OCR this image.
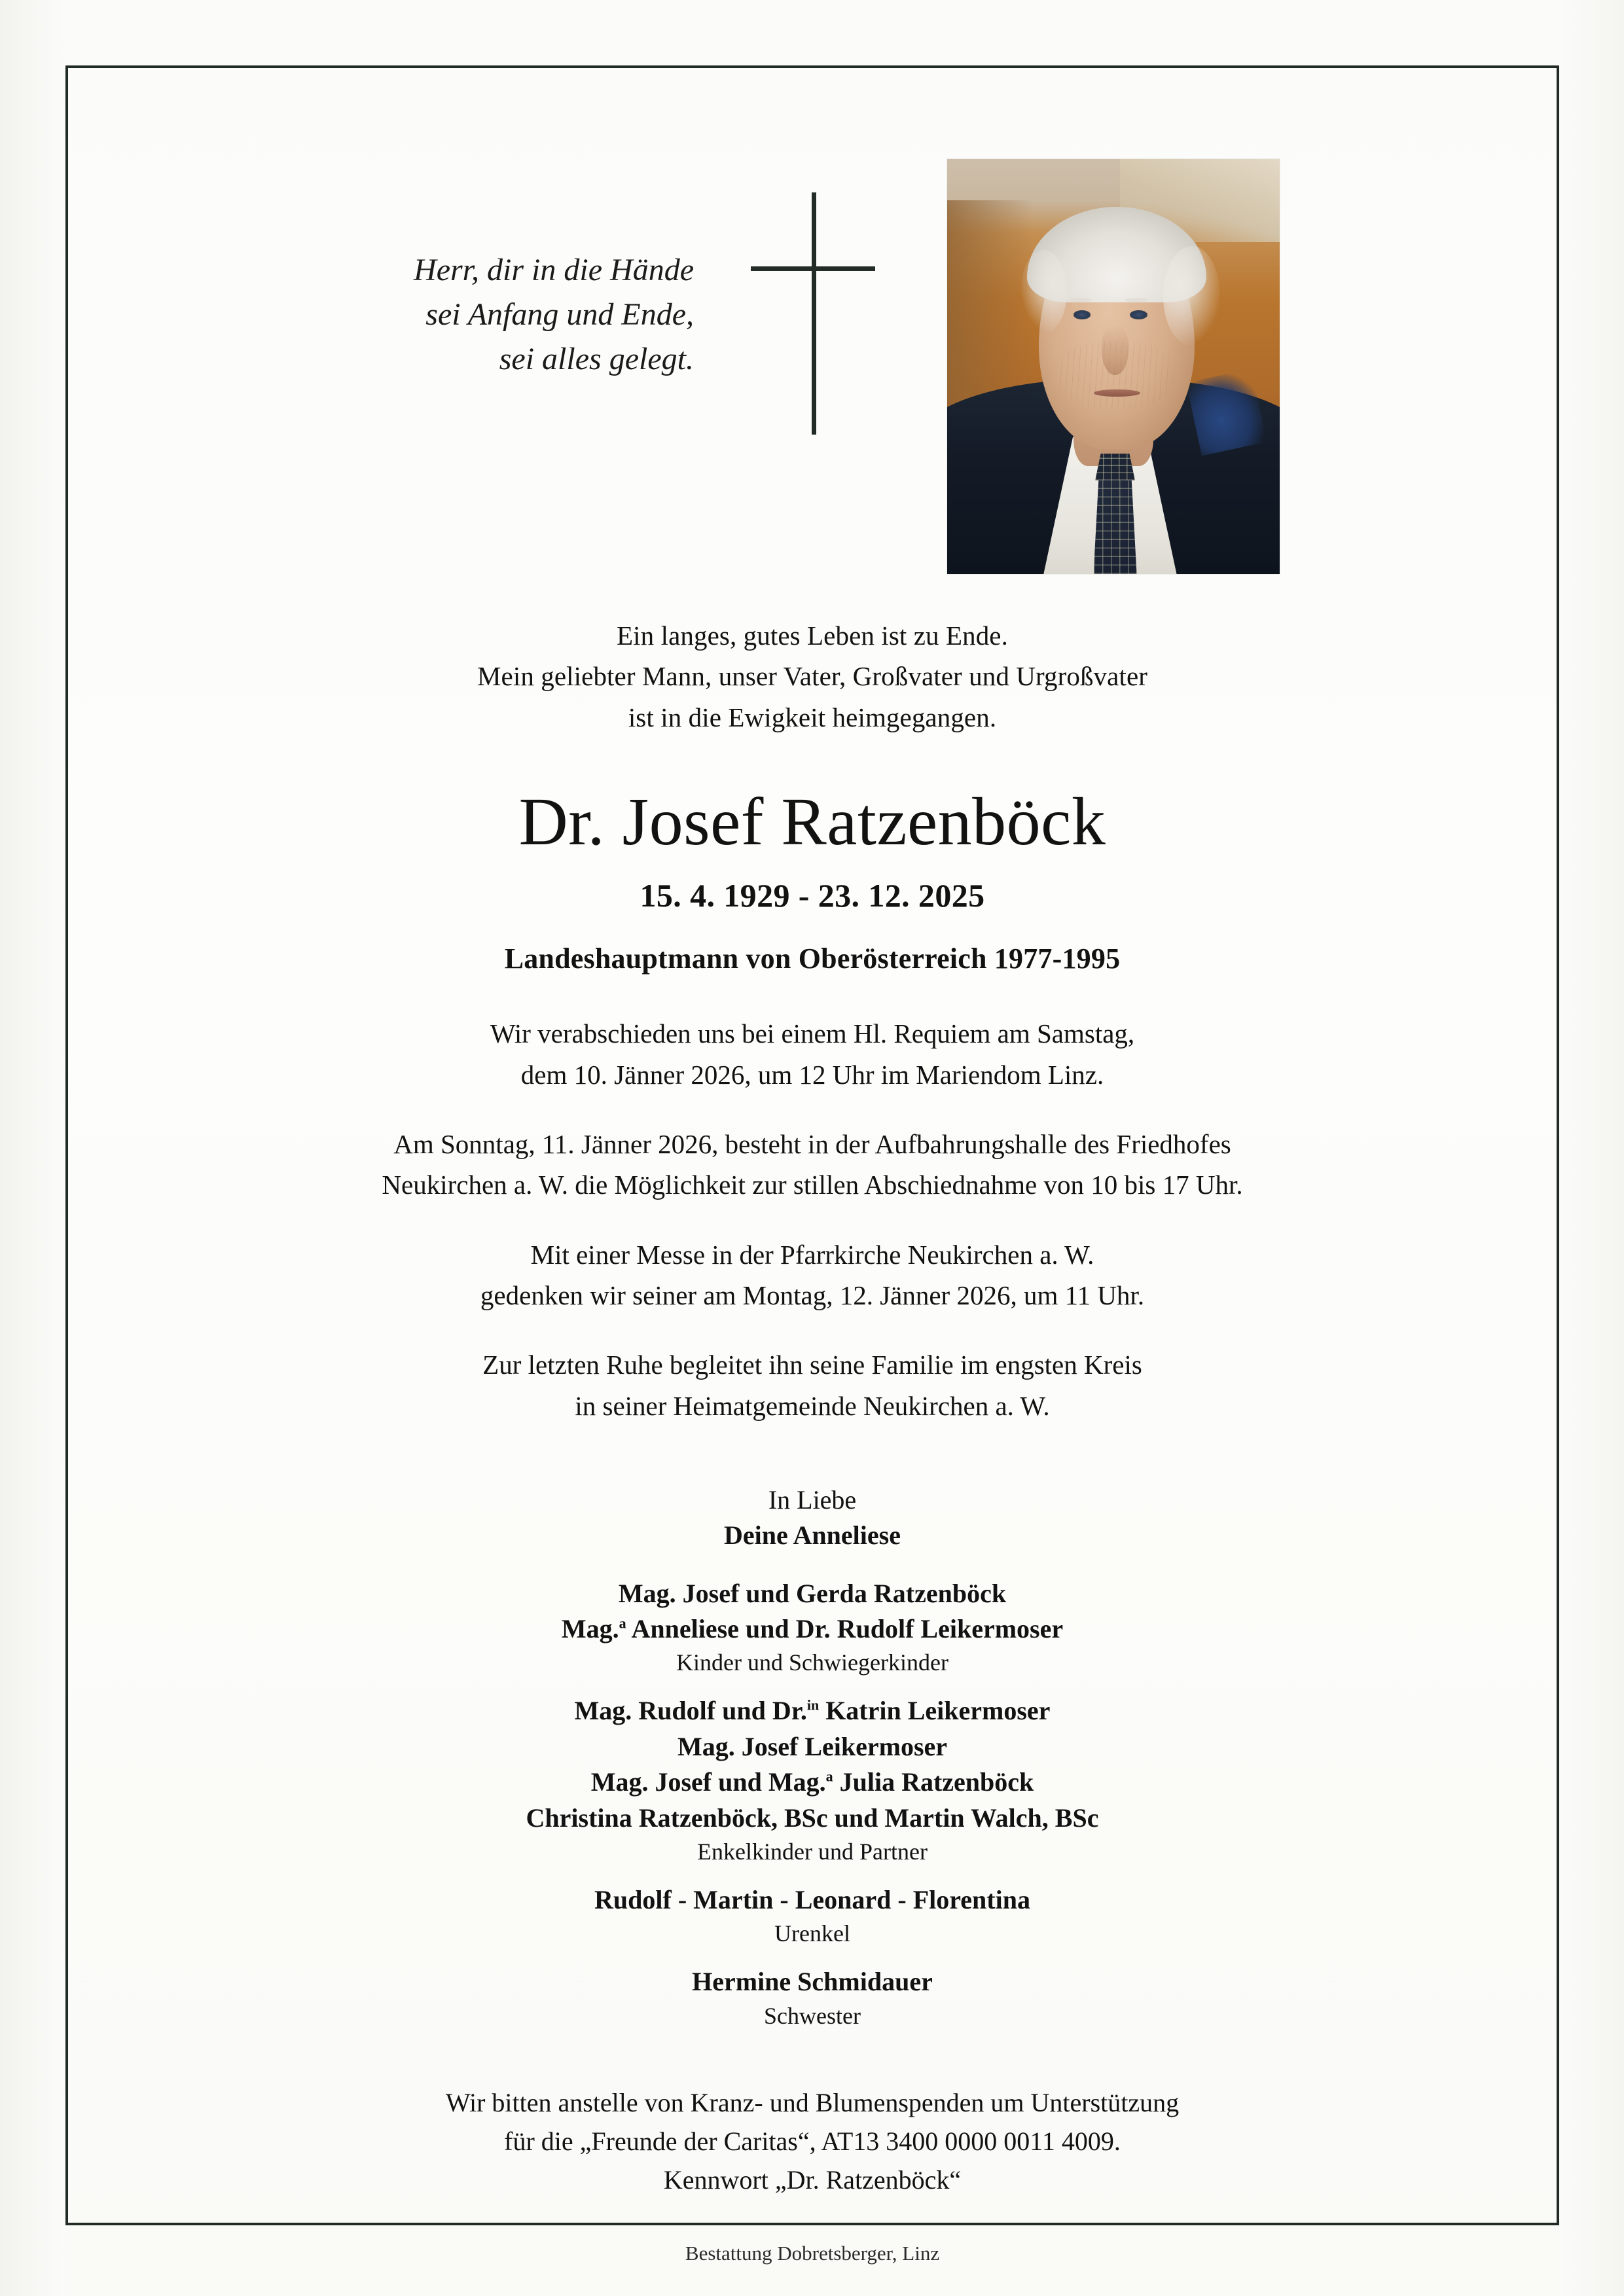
Herr, dir in die Hände
sei Anfang und Ende,
sei alles gelegt.
Ein langes, gutes Leben ist zu Ende.
Mein geliebter Mann, unser Vater, Großvater und Urgroßvater
ist in die Ewigkeit heimgegangen.
Dr. Josef Ratzenböck
15. 4. 1929 - 23. 12. 2025
Landeshauptmann von Oberösterreich 1977-1995
Wir verabschieden uns bei einem Hl. Requiem am Samstag,
dem 10. Jänner 2026, um 12 Uhr im Mariendom Linz.
Am Sonntag, 11. Jänner 2026, besteht in der Aufbahrungshalle des Friedhofes
Neukirchen a. W. die Möglichkeit zur stillen Abschiednahme von 10 bis 17 Uhr.
Mit einer Messe in der Pfarrkirche Neukirchen a. W.
gedenken wir seiner am Montag, 12. Jänner 2026, um 11 Uhr.
Zur letzten Ruhe begleitet ihn seine Familie im engsten Kreis
in seiner Heimatgemeinde Neukirchen a. W.
In Liebe
Deine Anneliese
Mag. Josef und Gerda Ratzenböck
Mag.$^a$ Anneliese und Dr. Rudolf Leikermoser
Kinder und Schwiegerkinder
Mag. Rudolf und Dr.$^{in}$ Katrin Leikermoser
Mag. Josef Leikermoser
Mag. Josef und Mag.$^a$ Julia Ratzenböck
Christina Ratzenböck, BSc und Martin Walch, BSc
Enkelkinder und Partner
Rudolf - Martin - Leonard - Florentina
Urenkel
Hermine Schmidauer
Schwester
Wir bitten anstelle von Kranz- und Blumenspenden um Unterstützung
für die „Freunde der Caritas“, AT13 3400 0000 0011 4009.
Kennwort „Dr. Ratzenböck“
Bestattung Dobretsberger, Linz
